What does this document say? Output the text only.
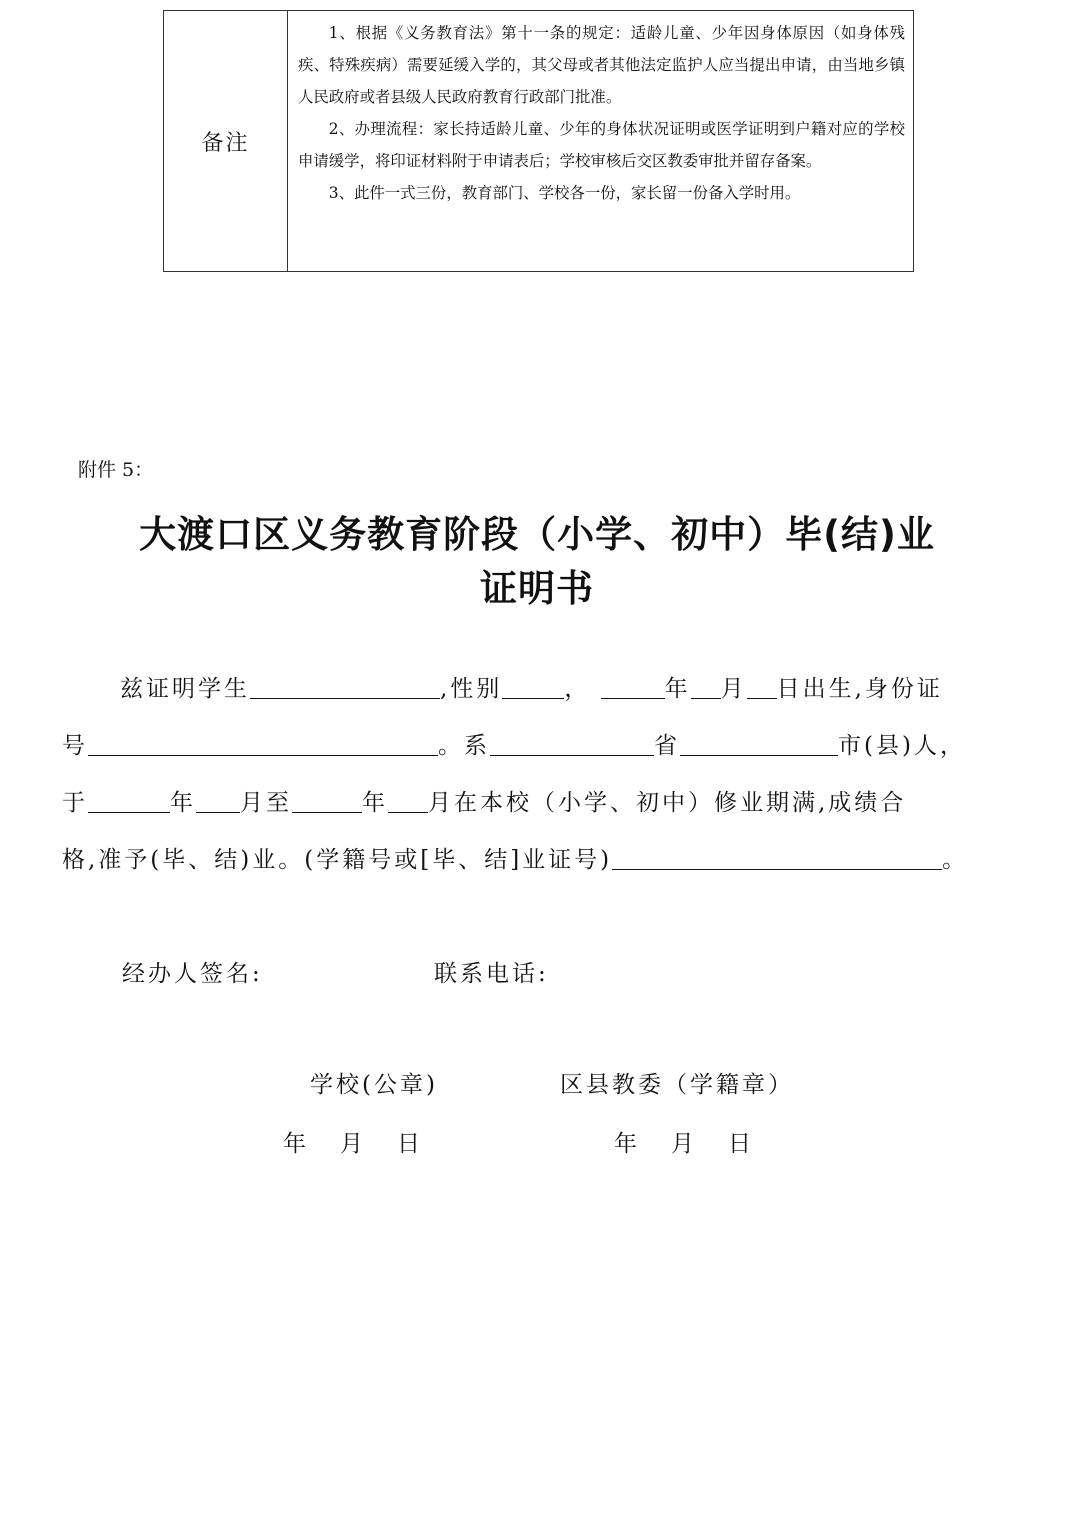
备注

1、根据《义务教育法》第十一条的规定：适龄儿童、少年因身体原因（如身体残疾、特殊疾病）需要延缓入学的，其父母或者其他法定监护人应当提出申请，由当地乡镇人民政府或者县级人民政府教育行政部门批准。

2、办理流程：家长持适龄儿童、少年的身体状况证明或医学证明到户籍对应的学校申请缓学，将印证材料附于申请表后；学校审核后交区教委审批并留存备案。

3、此件一式三份，教育部门、学校各一份，家长留一份备入学时用。

附件 5：
大渡口区义务教育阶段（小学、初中）毕(结)业
证明书
兹证明学生	,性别	，	年 月 日出生,身份证
号	。系	省	市(县)人，
于	年 月至	年 月在本校（小学、初中）修业期满,成绩合
格,准予(毕、结)业。(学籍号或[毕、结]业证号)	。
经办人签名:	联系电话:
学校(公章)	区县教委（学籍章）
年 月 日	年 月 日
